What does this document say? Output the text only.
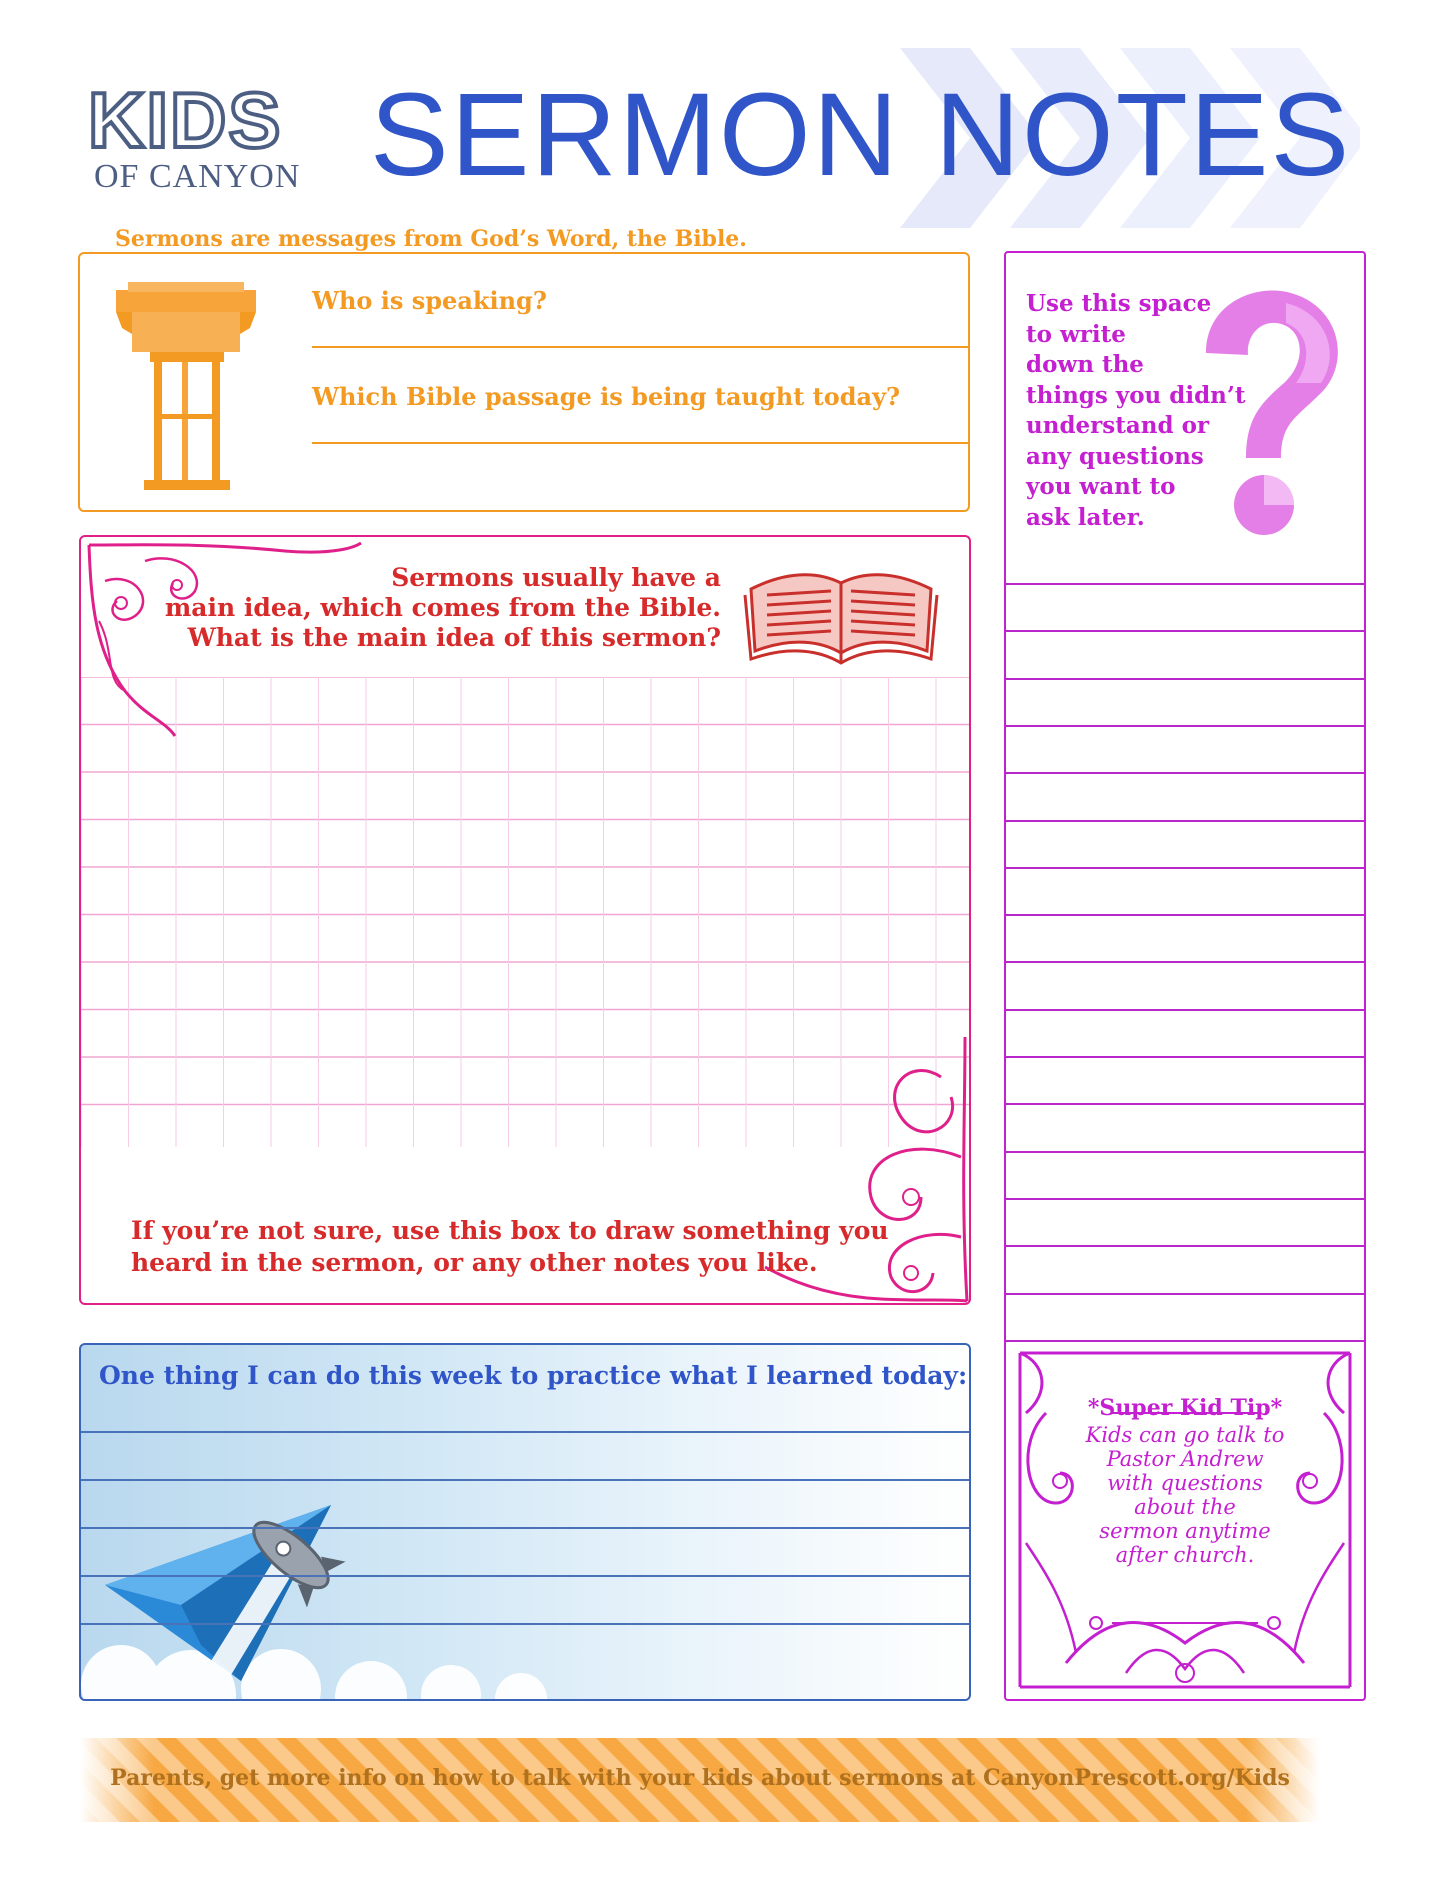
KIDS
OF CANYON SERMON NOTES
Sermons are messages from God’s Word, the Bible.
Who is speaking?
Which Bible passage is being taught today?
Sermons usually have a
main idea, which comes from the Bible.
What is the main idea of this sermon?
If you’re not sure, use this box to draw something you
heard in the sermon, or any other notes you like.
One thing I can do this week to practice what I learned today:
Use this space
to write
down the
things you didn’t
understand or
any questions
you want to
ask later.
*Super Kid Tip*
Kids can go talk to
Pastor Andrew
with questions
about the
sermon anytime
after church.
Parents, get more info on how to talk with your kids about sermons at CanyonPrescott.org/Kids
